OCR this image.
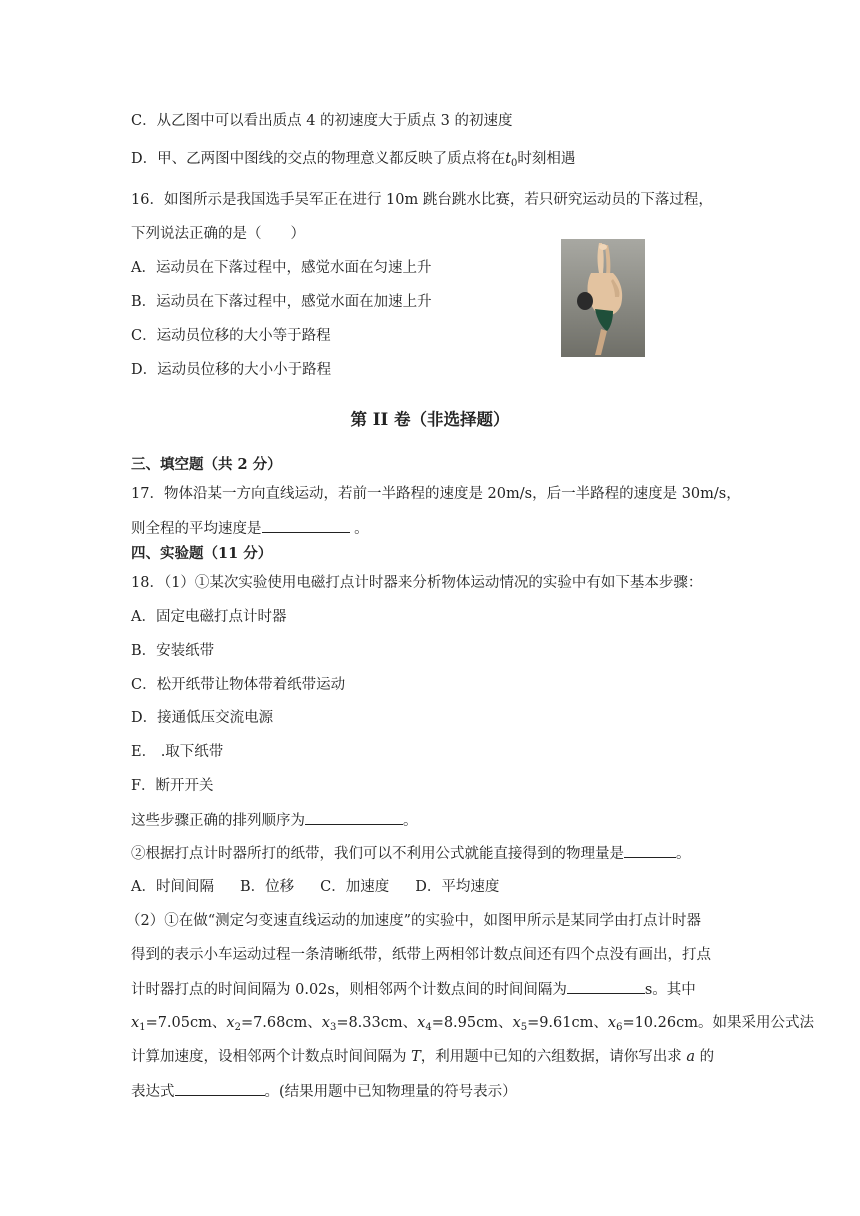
C．从乙图中可以看出质点 4 的初速度大于质点 3 的初速度
D．甲、乙两图中图线的交点的物理意义都反映了质点将在$t_0$时刻相遇
16．如图所示是我国选手吴军正在进行 10m 跳台跳水比赛，若只研究运动员的下落过程，
下列说法正确的是（　　）
A．运动员在下落过程中，感觉水面在匀速上升
B．运动员在下落过程中，感觉水面在加速上升
C．运动员位移的大小等于路程
D．运动员位移的大小小于路程
第 II 卷（非选择题）
三、填空题（共 2 分）
17．物体沿某一方向直线运动，若前一半路程的速度是 20m/s，后一半路程的速度是 30m/s，
则全程的平均速度是	。
四、实验题（11 分）
18．（1）①某次实验使用电磁打点计时器来分析物体运动情况的实验中有如下基本步骤：
A．固定电磁打点计时器
B．安装纸带
C．松开纸带让物体带着纸带运动
D．接通低压交流电源
E． .取下纸带
F．断开开关
这些步骤正确的排列顺序为	。
②根据打点计时器所打的纸带，我们可以不利用公式就能直接得到的物理量是	。
A．时间间隔 B．位移 C．加速度 D．平均速度
（2）①在做“测定匀变速直线运动的加速度”的实验中，如图甲所示是某同学由打点计时器
得到的表示小车运动过程一条清晰纸带，纸带上两相邻计数点间还有四个点没有画出，打点
计时器打点的时间间隔为 0.02s，则相邻两个计数点间的时间间隔为	s。其中
$x_1=7.05cm$、$x_2=7.68cm$、$x_3=8.33cm$、$x_4=8.95cm$、$x_5=9.61cm$、$x_6=10.26cm$。如果采用公式法
计算加速度，设相邻两个计数点时间间隔为 T，利用题中已知的六组数据，请你写出求 a 的
表达式	。(结果用题中已知物理量的符号表示）
